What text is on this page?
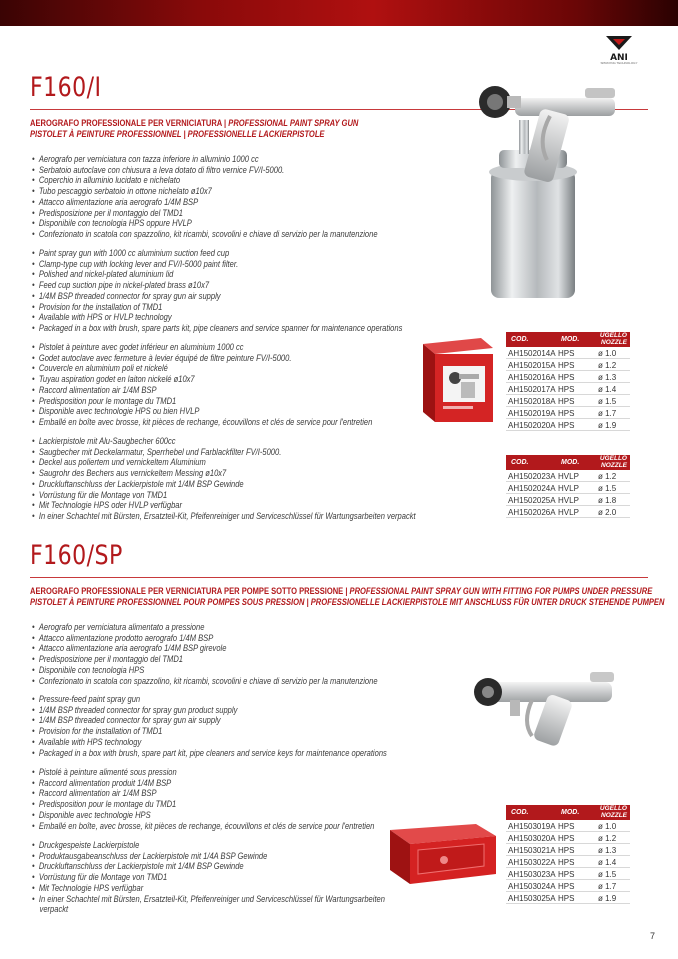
ANI
SPRAYING TECHNOLOGY
F160/I
AEROGRAFO PROFESSIONALE PER VERNICIATURA | PROFESSIONAL PAINT SPRAY GUN
PISTOLET À PEINTURE PROFESSIONNEL | PROFESSIONELLE LACKIERPISTOLE
• Aerografo per verniciatura con tazza inferiore in alluminio 1000 cc
• Serbatoio autoclave con chiusura a leva dotato di filtro vernice FV/I-5000.
• Coperchio in alluminio lucidato e nichelato
• Tubo pescaggio serbatoio in ottone nichelato ø10x7
• Attacco alimentazione aria aerografo 1/4M BSP
• Predisposizione per il montaggio del TMD1
• Disponibile con tecnologia HPS oppure HVLP
• Confezionato in scatola con spazzolino, kit ricambi, scovolini e chiave di servizio per la manutenzione
• Paint spray gun with 1000 cc aluminium suction feed cup
• Clamp-type cup with locking lever and FV/I-5000 paint filter.
• Polished and nickel-plated aluminium lid
• Feed cup suction pipe in nickel-plated brass ø10x7
• 1/4M BSP threaded connector for spray gun air supply
• Provision for the installation of TMD1
• Available with HPS or HVLP technology
• Packaged in a box with brush, spare parts kit, pipe cleaners and service spanner for maintenance operations
• Pistolet à peinture avec godet inférieur en aluminium 1000 cc
• Godet autoclave avec fermeture à levier équipé de filtre peinture FV/I-5000.
• Couvercle en aluminium poli et nickelé
• Tuyau aspiration godet en laiton nickelé ø10x7
• Raccord alimentation air 1/4M BSP
• Predisposition pour le montage du TMD1
• Disponible avec technologie HPS ou bien HVLP
• Emballé en boîte avec brosse, kit pièces de rechange, écouvillons et clés de service pour l'entretien
• Lackierpistole mit Alu-Saugbecher 600cc
• Saugbecher mit Deckelarmatur, Sperrhebel und Farblackfilter FV/I-5000.
• Deckel aus poliertem und vernickeltem Aluminium
• Saugrohr des Bechers aus vernickeltem Messing ø10x7
• Druckluftanschluss der Lackierpistole mit 1/4M BSP Gewinde
• Vorrüstung für die Montage von TMD1
• Mit Technologie HPS oder HVLP verfügbar
• In einer Schachtel mit Bürsten, Ersatzteil-Kit, Pfeifenreiniger und Serviceschlüssel für Wartungsarbeiten verpackt
COD.	MOD.	UGELLO
NOZZLE
AH1502014A	HPS	ø 1.0
AH1502015A	HPS	ø 1.2
AH1502016A	HPS	ø 1.3
AH1502017A	HPS	ø 1.4
AH1502018A	HPS	ø 1.5
AH1502019A	HPS	ø 1.7
AH1502020A	HPS	ø 1.9
COD.	MOD.	UGELLO
NOZZLE
AH1502023A	HVLP	ø 1.2
AH1502024A	HVLP	ø 1.5
AH1502025A	HVLP	ø 1.8
AH1502026A	HVLP	ø 2.0
F160/SP
AEROGRAFO PROFESSIONALE PER VERNICIATURA PER POMPE SOTTO PRESSIONE | PROFESSIONAL PAINT SPRAY GUN WITH FITTING FOR PUMPS UNDER PRESSURE
PISTOLET À PEINTURE PROFESSIONNEL POUR POMPES SOUS PRESSION | PROFESSIONELLE LACKIERPISTOLE MIT ANSCHLUSS FÜR UNTER DRUCK STEHENDE PUMPEN
• Aerografo per verniciatura alimentato a pressione
• Attacco alimentazione prodotto aerografo 1/4M BSP
• Attacco alimentazione aria aerografo 1/4M BSP girevole
• Predisposizione per il montaggio del TMD1
• Disponibile con tecnologia HPS
• Confezionato in scatola con spazzolino, kit ricambi, scovolini e chiave di servizio per la manutenzione
• Pressure-feed paint spray gun
• 1/4M BSP threaded connector for spray gun product supply
• 1/4M BSP threaded connector for spray gun air supply
• Provision for the installation of TMD1
• Available with HPS technology
• Packaged in a box with brush, spare part kit, pipe cleaners and service keys for maintenance operations
• Pistolé à peinture alimenté sous pression
• Raccord alimentation produit 1/4M BSP
• Raccord alimentation air 1/4M BSP
• Predisposition pour le montage du TMD1
• Disponible avec technologie HPS
• Emballé en boîte, avec brosse, kit pièces de rechange, écouvillons et clés de service pour l'entretien
• Druckgespeiste Lackierpistole
• Produktausgabeanschluss der Lackierpistole mit 1/4A BSP Gewinde
• Druckluftanschluss der Lackierpistole mit 1/4M BSP Gewinde
• Vorrüstung für die Montage von TMD1
• Mit Technologie HPS verfügbar
• In einer Schachtel mit Bürsten, Ersatzteil-Kit, Pfeifenreiniger und Serviceschlüssel für Wartungsarbeiten
verpackt
COD.	MOD.	UGELLO
NOZZLE
AH1503019A	HPS	ø 1.0
AH1503020A	HPS	ø 1.2
AH1503021A	HPS	ø 1.3
AH1503022A	HPS	ø 1.4
AH1503023A	HPS	ø 1.5
AH1503024A	HPS	ø 1.7
AH1503025A	HPS	ø 1.9
7
